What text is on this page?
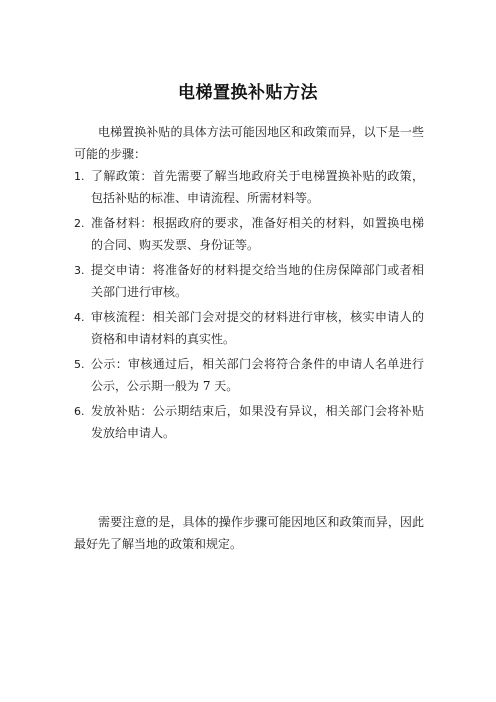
电梯置换补贴方法

电梯置换补贴的具体方法可能因地区和政策而异，以下是一些可能的步骤：

1. 了解政策：首先需要了解当地政府关于电梯置换补贴的政策，包括补贴的标准、申请流程、所需材料等。
2. 准备材料：根据政府的要求，准备好相关的材料，如置换电梯的合同、购买发票、身份证等。
3. 提交申请：将准备好的材料提交给当地的住房保障部门或者相关部门进行审核。
4. 审核流程：相关部门会对提交的材料进行审核，核实申请人的资格和申请材料的真实性。
5. 公示：审核通过后，相关部门会将符合条件的申请人名单进行公示，公示期一般为 7 天。
6. 发放补贴：公示期结束后，如果没有异议，相关部门会将补贴发放给申请人。

需要注意的是，具体的操作步骤可能因地区和政策而异，因此最好先了解当地的政策和规定。
